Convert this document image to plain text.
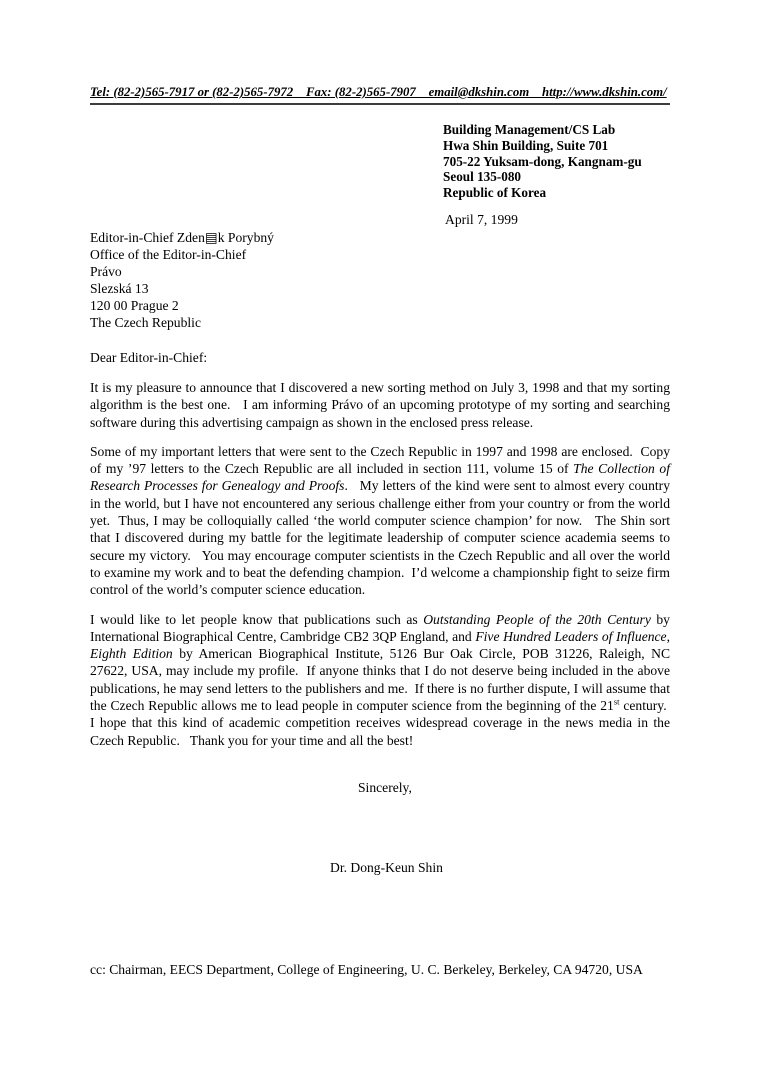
Tel: (82-2)565-7917 or (82-2)565-7972    Fax: (82-2)565-7907    email@dkshin.com    http://www.dkshin.com/
Building Management/CS Lab
Hwa Shin Building, Suite 701
705-22 Yuksam-dong, Kangnam-gu
Seoul 135-080
Republic of Korea
April 7, 1999
Editor-in-Chief Zden▤k Porybný
Office of the Editor-in-Chief
Právo
Slezská 13
120 00 Prague 2
The Czech Republic
Dear Editor-in-Chief:
It is my pleasure to announce that I discovered a new sorting method on July 3, 1998 and that my sorting algorithm is the best one.   I am informing Právo of an upcoming prototype of my sorting and searching software during this advertising campaign as shown in the enclosed press release.
Some of my important letters that were sent to the Czech Republic in 1997 and 1998 are enclosed.  Copy of my ’97 letters to the Czech Republic are all included in section 111, volume 15 of The Collection of Research Processes for Genealogy and Proofs.   My letters of the kind were sent to almost every country in the world, but I have not encountered any serious challenge either from your country or from the world yet.  Thus, I may be colloquially called ‘the world computer science champion’ for now.   The Shin sort that I discovered during my battle for the legitimate leadership of computer science academia seems to secure my victory.   You may encourage computer scientists in the Czech Republic and all over the world to examine my work and to beat the defending champion.  I’d welcome a championship fight to seize firm control of the world’s computer science education.
I would like to let people know that publications such as Outstanding People of the 20th Century by International Biographical Centre, Cambridge CB2 3QP England, and Five Hundred Leaders of Influence, Eighth Edition by American Biographical Institute, 5126 Bur Oak Circle, POB 31226, Raleigh, NC 27622, USA, may include my profile.  If anyone thinks that I do not deserve being included in the above publications, he may send letters to the publishers and me.  If there is no further dispute, I will assume that the Czech Republic allows me to lead people in computer science from the beginning of the 21st century.  I hope that this kind of academic competition receives widespread coverage in the news media in the Czech Republic.   Thank you for your time and all the best!
Sincerely,
Dr. Dong-Keun Shin
cc: Chairman, EECS Department, College of Engineering, U. C. Berkeley, Berkeley, CA 94720, USA
